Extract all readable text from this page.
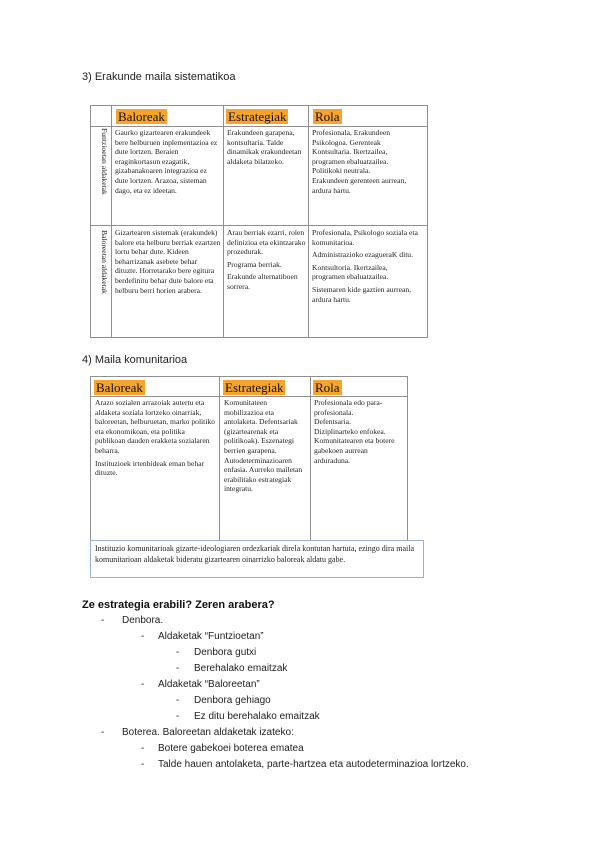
3) Erakunde maila sistematikoa
Baloreak	Estrategiak Rola
Funtzioetan aldaketak Gaurko gizartearen erakundeek bere helburuen inplementazioa ez dute lortzen. Beraien eraginkortasun ezagatik, gizabanakoaren integrazioa ez dute lortzen. Arazoa, sisteman dago, eta ez ideetan.

Erakundeen garapena, kontsultaria. Talde dinamikak erakundeetan aldaketa bilatzeko.

Profesionala, Erakundeen Psikologoa. Gerenteak Kontsultaria. Ikertzailea, programen ebaluatzailea.

Politikoki neutrala.

Erakundeen gerenteen aurrean, ardura hartu.

Baloreetan aldaketak Gizartearen sistemak (erakundek) balore eta helburu berriak ezartzen lortu behar dute. Kideen beharrizanak asebete behar dituzte. Horretarako bere egitura berdefinitu behar dute balore eta helburu berri horien arabera.

Arau berriak ezarri, rolen definizioa eta ekintzarako prozedurak.

Programa berriak.

Erakunde alternatiboen sorrera.

Profesionala, Psikologo soziala eta komunitarioa.

Administrazioko ezagueraK ditu.

Kontsultoria. Ikertzailea, programen ebaluatzailea.

Sistemaren kide gaztien aurrean, ardura hartu.

4) Maila komunitarioa
Baloreak	Estrategiak Rola

Arazo sozialen arrazoiak autertu eta aldaketa soziala lortzeko oinarriak, baloreetan, helburuetan, marko politiko eta ekonomikoan, eta politika publikoan dauden erakketa sozialaren beharra.

Instituzioek irtenbideak eman behar dituzte.

Komunitateen mobilizazioa eta antolaketa. Defentsariak (gizartearenak eta politikoak). Eszenategi berrien garapena. Autodeterminazioaren enfasia. Aurreko mailetan erabilitako estrategiak integratu.

Profesionala edo para-profesionala.

Defentsaria.

Diziplinarteko enfokea.

Komunitatearen eta botere gabekoen aurrean arduraduna.

Instituzio komunitarioak gizarte-ideologiaren ordezkariak direla kontutan hartuta, ezingo dira maila komunitarioan aldaketak bideratu gizartearen oinarrizko baloreak aldatu gabe.
Ze estrategia erabili? Zeren arabera?
- Denbora.
- Aldaketak “Funtzioetan”
- Denbora gutxi
- Berehalako emaitzak
- Aldaketak “Baloreetan”
- Denbora gehiago
- Ez ditu berehalako emaitzak
- Boterea. Baloreetan aldaketak izateko:
- Botere gabekoei boterea ematea
- Talde hauen antolaketa, parte-hartzea eta autodeterminazioa lortzeko.
